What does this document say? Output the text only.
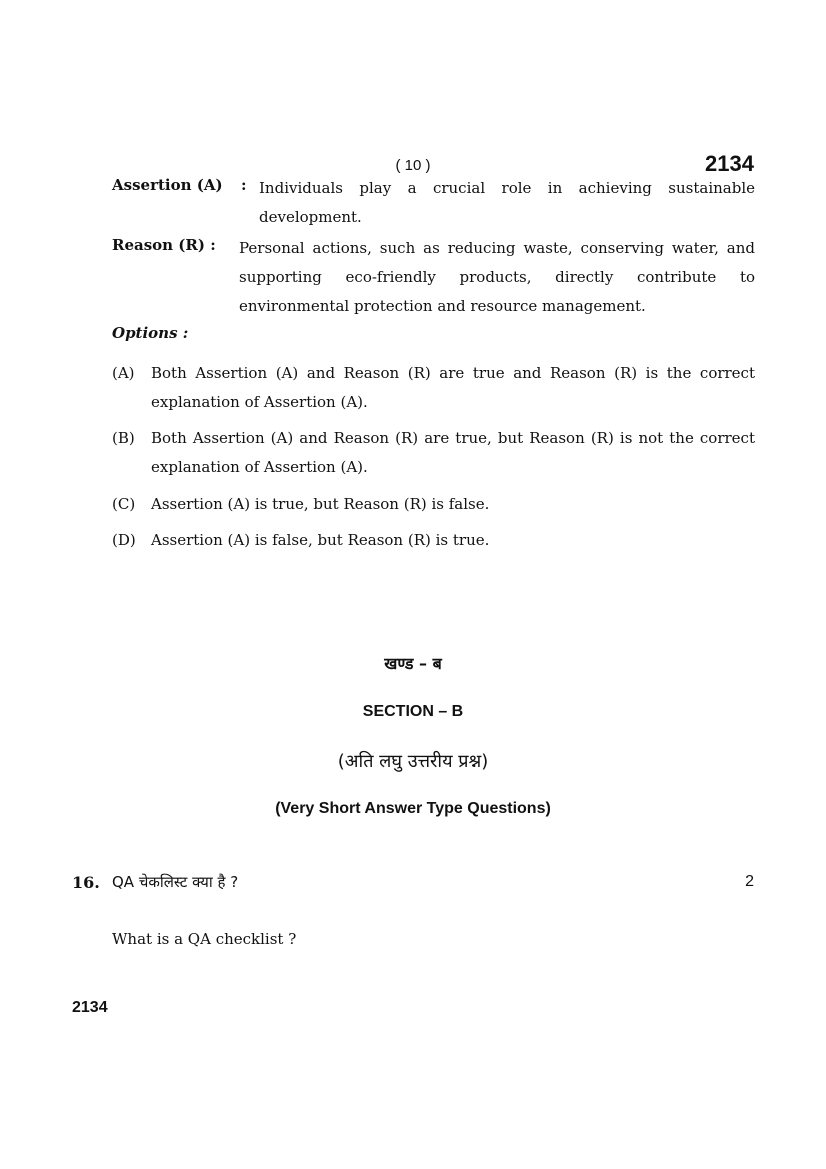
( 10 )	2134
Assertion (A) : Individuals play a crucial role in achieving sustainable development.
Reason (R) : Personal actions, such as reducing waste, conserving water, and supporting eco-friendly products, directly contribute to environmental protection and resource management.
Options :
(A) Both Assertion (A) and Reason (R) are true and Reason (R) is the correct explanation of Assertion (A).
(B) Both Assertion (A) and Reason (R) are true, but Reason (R) is not the correct explanation of Assertion (A).
(C) Assertion (A) is true, but Reason (R) is false.
(D) Assertion (A) is false, but Reason (R) is true.
खण्ड – ब
SECTION – B
(अति लघु उत्तरीय प्रश्न)
(Very Short Answer Type Questions)
16. QA चेकलिस्ट क्या है ?	2
What is a QA checklist ?
2134
